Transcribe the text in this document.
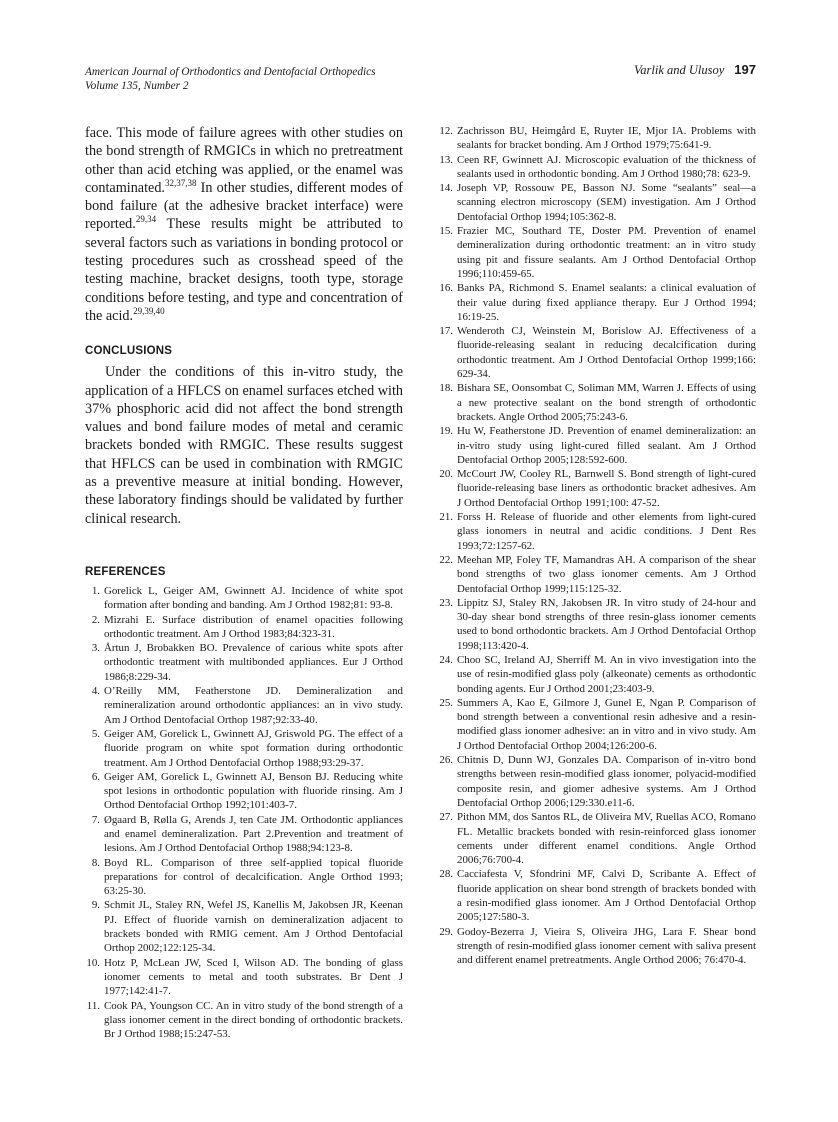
American Journal of Orthodontics and Dentofacial Orthopedics
Volume 135, Number 2
Varlik and Ulusoy 197

face. This mode of failure agrees with other studies on the bond strength of RMGICs in which no pretreatment other than acid etching was applied, or the enamel was contaminated.$^{32,37,38}$ In other studies, different modes of bond failure (at the adhesive bracket interface) were reported.$^{29,34}$ These results might be attributed to several factors such as variations in bonding protocol or testing procedures such as crosshead speed of the testing machine, bracket designs, tooth type, storage conditions before testing, and type and concentration of the acid.$^{29,39,40}$

CONCLUSIONS

Under the conditions of this in-vitro study, the application of a HFLCS on enamel surfaces etched with 37% phosphoric acid did not affect the bond strength values and bond failure modes of metal and ceramic brackets bonded with RMGIC. These results suggest that HFLCS can be used in combination with RMGIC as a preventive measure at initial bonding. However, these laboratory findings should be validated by further clinical research.

REFERENCES
1. Gorelick L, Geiger AM, Gwinnett AJ. Incidence of white spot formation after bonding and banding. Am J Orthod 1982;81: 93-8.
2. Mizrahi E. Surface distribution of enamel opacities following orthodontic treatment. Am J Orthod 1983;84:323-31.
3. Årtun J, Brobakken BO. Prevalence of carious white spots after orthodontic treatment with multibonded appliances. Eur J Orthod 1986;8:229-34.
4. O’Reilly MM, Featherstone JD. Demineralization and remineralization around orthodontic appliances: an in vivo study. Am J Orthod Dentofacial Orthop 1987;92:33-40.
5. Geiger AM, Gorelick L, Gwinnett AJ, Griswold PG. The effect of a fluoride program on white spot formation during orthodontic treatment. Am J Orthod Dentofacial Orthop 1988;93:29-37.
6. Geiger AM, Gorelick L, Gwinnett AJ, Benson BJ. Reducing white spot lesions in orthodontic population with fluoride rinsing. Am J Orthod Dentofacial Orthop 1992;101:403-7.
7. Øgaard B, Rølla G, Arends J, ten Cate JM. Orthodontic appliances and enamel demineralization. Part 2.Prevention and treatment of lesions. Am J Orthod Dentofacial Orthop 1988;94:123-8.
8. Boyd RL. Comparison of three self-applied topical fluoride preparations for control of decalcification. Angle Orthod 1993; 63:25-30.
9. Schmit JL, Staley RN, Wefel JS, Kanellis M, Jakobsen JR, Keenan PJ. Effect of fluoride varnish on demineralization adjacent to brackets bonded with RMIG cement. Am J Orthod Dentofacial Orthop 2002;122:125-34.
10. Hotz P, McLean JW, Sced I, Wilson AD. The bonding of glass ionomer cements to metal and tooth substrates. Br Dent J 1977;142:41-7.
11. Cook PA, Youngson CC. An in vitro study of the bond strength of a glass ionomer cement in the direct bonding of orthodontic brackets. Br J Orthod 1988;15:247-53.
12. Zachrisson BU, Heimgård E, Ruyter IE, Mjor IA. Problems with sealants for bracket bonding. Am J Orthod 1979;75:641-9.
13. Ceen RF, Gwinnett AJ. Microscopic evaluation of the thickness of sealants used in orthodontic bonding. Am J Orthod 1980;78: 623-9.
14. Joseph VP, Rossouw PE, Basson NJ. Some “sealants” seal—a scanning electron microscopy (SEM) investigation. Am J Orthod Dentofacial Orthop 1994;105:362-8.
15. Frazier MC, Southard TE, Doster PM. Prevention of enamel demineralization during orthodontic treatment: an in vitro study using pit and fissure sealants. Am J Orthod Dentofacial Orthop 1996;110:459-65.
16. Banks PA, Richmond S. Enamel sealants: a clinical evaluation of their value during fixed appliance therapy. Eur J Orthod 1994; 16:19-25.
17. Wenderoth CJ, Weinstein M, Borislow AJ. Effectiveness of a fluoride-releasing sealant in reducing decalcification during orthodontic treatment. Am J Orthod Dentofacial Orthop 1999;166: 629-34.
18. Bishara SE, Oonsombat C, Soliman MM, Warren J. Effects of using a new protective sealant on the bond strength of orthodontic brackets. Angle Orthod 2005;75:243-6.
19. Hu W, Featherstone JD. Prevention of enamel demineralization: an in-vitro study using light-cured filled sealant. Am J Orthod Dentofacial Orthop 2005;128:592-600.
20. McCourt JW, Cooley RL, Barnwell S. Bond strength of light-cured fluoride-releasing base liners as orthodontic bracket adhesives. Am J Orthod Dentofacial Orthop 1991;100: 47-52.
21. Forss H. Release of fluoride and other elements from light-cured glass ionomers in neutral and acidic conditions. J Dent Res 1993;72:1257-62.
22. Meehan MP, Foley TF, Mamandras AH. A comparison of the shear bond strengths of two glass ionomer cements. Am J Orthod Dentofacial Orthop 1999;115:125-32.
23. Lippitz SJ, Staley RN, Jakobsen JR. In vitro study of 24-hour and 30-day shear bond strengths of three resin-glass ionomer cements used to bond orthodontic brackets. Am J Orthod Dentofacial Orthop 1998;113:420-4.
24. Choo SC, Ireland AJ, Sherriff M. An in vivo investigation into the use of resin-modified glass poly (alkeonate) cements as orthodontic bonding agents. Eur J Orthod 2001;23:403-9.
25. Summers A, Kao E, Gilmore J, Gunel E, Ngan P. Comparison of bond strength between a conventional resin adhesive and a resin-modified glass ionomer adhesive: an in vitro and in vivo study. Am J Orthod Dentofacial Orthop 2004;126:200-6.
26. Chitnis D, Dunn WJ, Gonzales DA. Comparison of in-vitro bond strengths between resin-modified glass ionomer, polyacid-modified composite resin, and giomer adhesive systems. Am J Orthod Dentofacial Orthop 2006;129:330.e11-6.
27. Pithon MM, dos Santos RL, de Oliveira MV, Ruellas ACO, Romano FL. Metallic brackets bonded with resin-reinforced glass ionomer cements under different enamel conditions. Angle Orthod 2006;76:700-4.
28. Cacciafesta V, Sfondrini MF, Calvi D, Scribante A. Effect of fluoride application on shear bond strength of brackets bonded with a resin-modified glass ionomer. Am J Orthod Dentofacial Orthop 2005;127:580-3.
29. Godoy-Bezerra J, Vieira S, Oliveira JHG, Lara F. Shear bond strength of resin-modified glass ionomer cement with saliva present and different enamel pretreatments. Angle Orthod 2006; 76:470-4.
